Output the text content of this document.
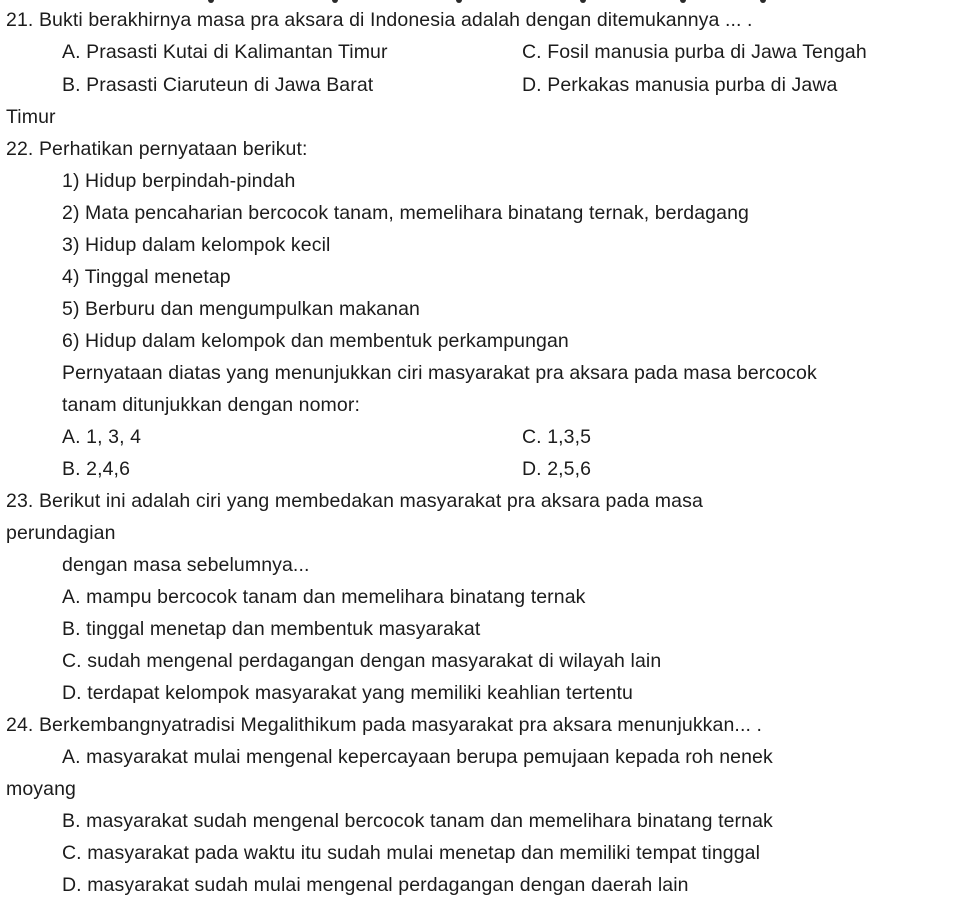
21. Bukti berakhirnya masa pra aksara di Indonesia adalah dengan ditemukannya ... .
A. Prasasti Kutai di Kalimantan Timur	C. Fosil manusia purba di Jawa Tengah
B. Prasasti Ciaruteun di Jawa Barat	D. Perkakas manusia purba di Jawa
Timur
22. Perhatikan pernyataan berikut:
1) Hidup berpindah-pindah
2) Mata pencaharian bercocok tanam, memelihara binatang ternak, berdagang
3) Hidup dalam kelompok kecil
4) Tinggal menetap
5) Berburu dan mengumpulkan makanan
6) Hidup dalam kelompok dan membentuk perkampungan
Pernyataan diatas yang menunjukkan ciri masyarakat pra aksara pada masa bercocok
tanam ditunjukkan dengan nomor:
A. 1, 3, 4	C. 1,3,5
B. 2,4,6	D. 2,5,6
23. Berikut ini adalah ciri yang membedakan masyarakat pra aksara pada masa
perundagian
dengan masa sebelumnya...
A. mampu bercocok tanam dan memelihara binatang ternak
B. tinggal menetap dan membentuk masyarakat
C. sudah mengenal perdagangan dengan masyarakat di wilayah lain
D. terdapat kelompok masyarakat yang memiliki keahlian tertentu
24. Berkembangnyatradisi Megalithikum pada masyarakat pra aksara menunjukkan... .
A. masyarakat mulai mengenal kepercayaan berupa pemujaan kepada roh nenek
moyang
B. masyarakat sudah mengenal bercocok tanam dan memelihara binatang ternak
C. masyarakat pada waktu itu sudah mulai menetap dan memiliki tempat tinggal
D. masyarakat sudah mulai mengenal perdagangan dengan daerah lain
